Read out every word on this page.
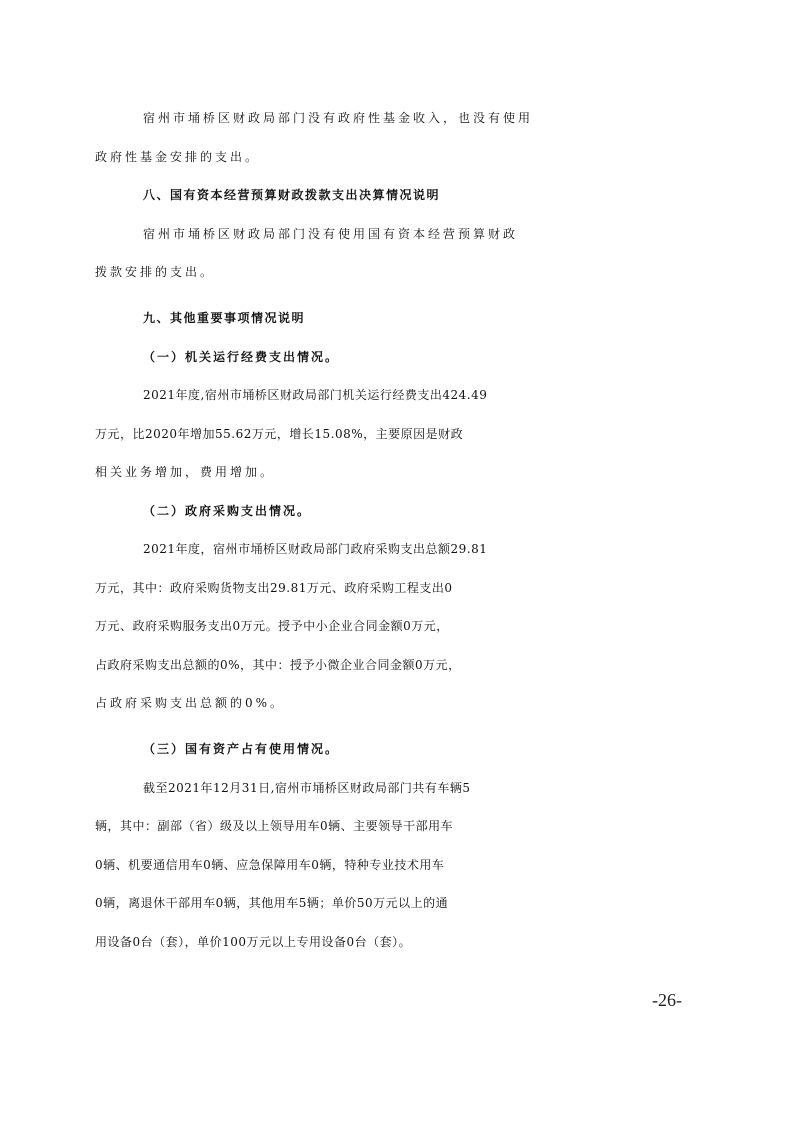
宿州市埇桥区财政局部门没有政府性基金收入，也没有使用
政府性基金安排的支出。
八、国有资本经营预算财政拨款支出决算情况说明
宿州市埇桥区财政局部门没有使用国有资本经营预算财政
拨款安排的支出。
九、其他重要事项情况说明
（一）机关运行经费支出情况。
2021年度,宿州市埇桥区财政局部门机关运行经费支出424.49
万元，比2020年增加55.62万元，增长15.08%，主要原因是财政
相关业务增加，费用增加。
（二）政府采购支出情况。
2021年度，宿州市埇桥区财政局部门政府采购支出总额29.81
万元，其中：政府采购货物支出29.81万元、政府采购工程支出0
万元、政府采购服务支出0万元。授予中小企业合同金额0万元，
占政府采购支出总额的0%，其中：授予小微企业合同金额0万元，
占政府采购支出总额的0%。
（三）国有资产占有使用情况。
截至2021年12月31日,宿州市埇桥区财政局部门共有车辆5
辆，其中：副部（省）级及以上领导用车0辆、主要领导干部用车
0辆、机要通信用车0辆、应急保障用车0辆，特种专业技术用车
0辆，离退休干部用车0辆，其他用车5辆；单价50万元以上的通
用设备0台（套），单价100万元以上专用设备0台（套）。
-26-
